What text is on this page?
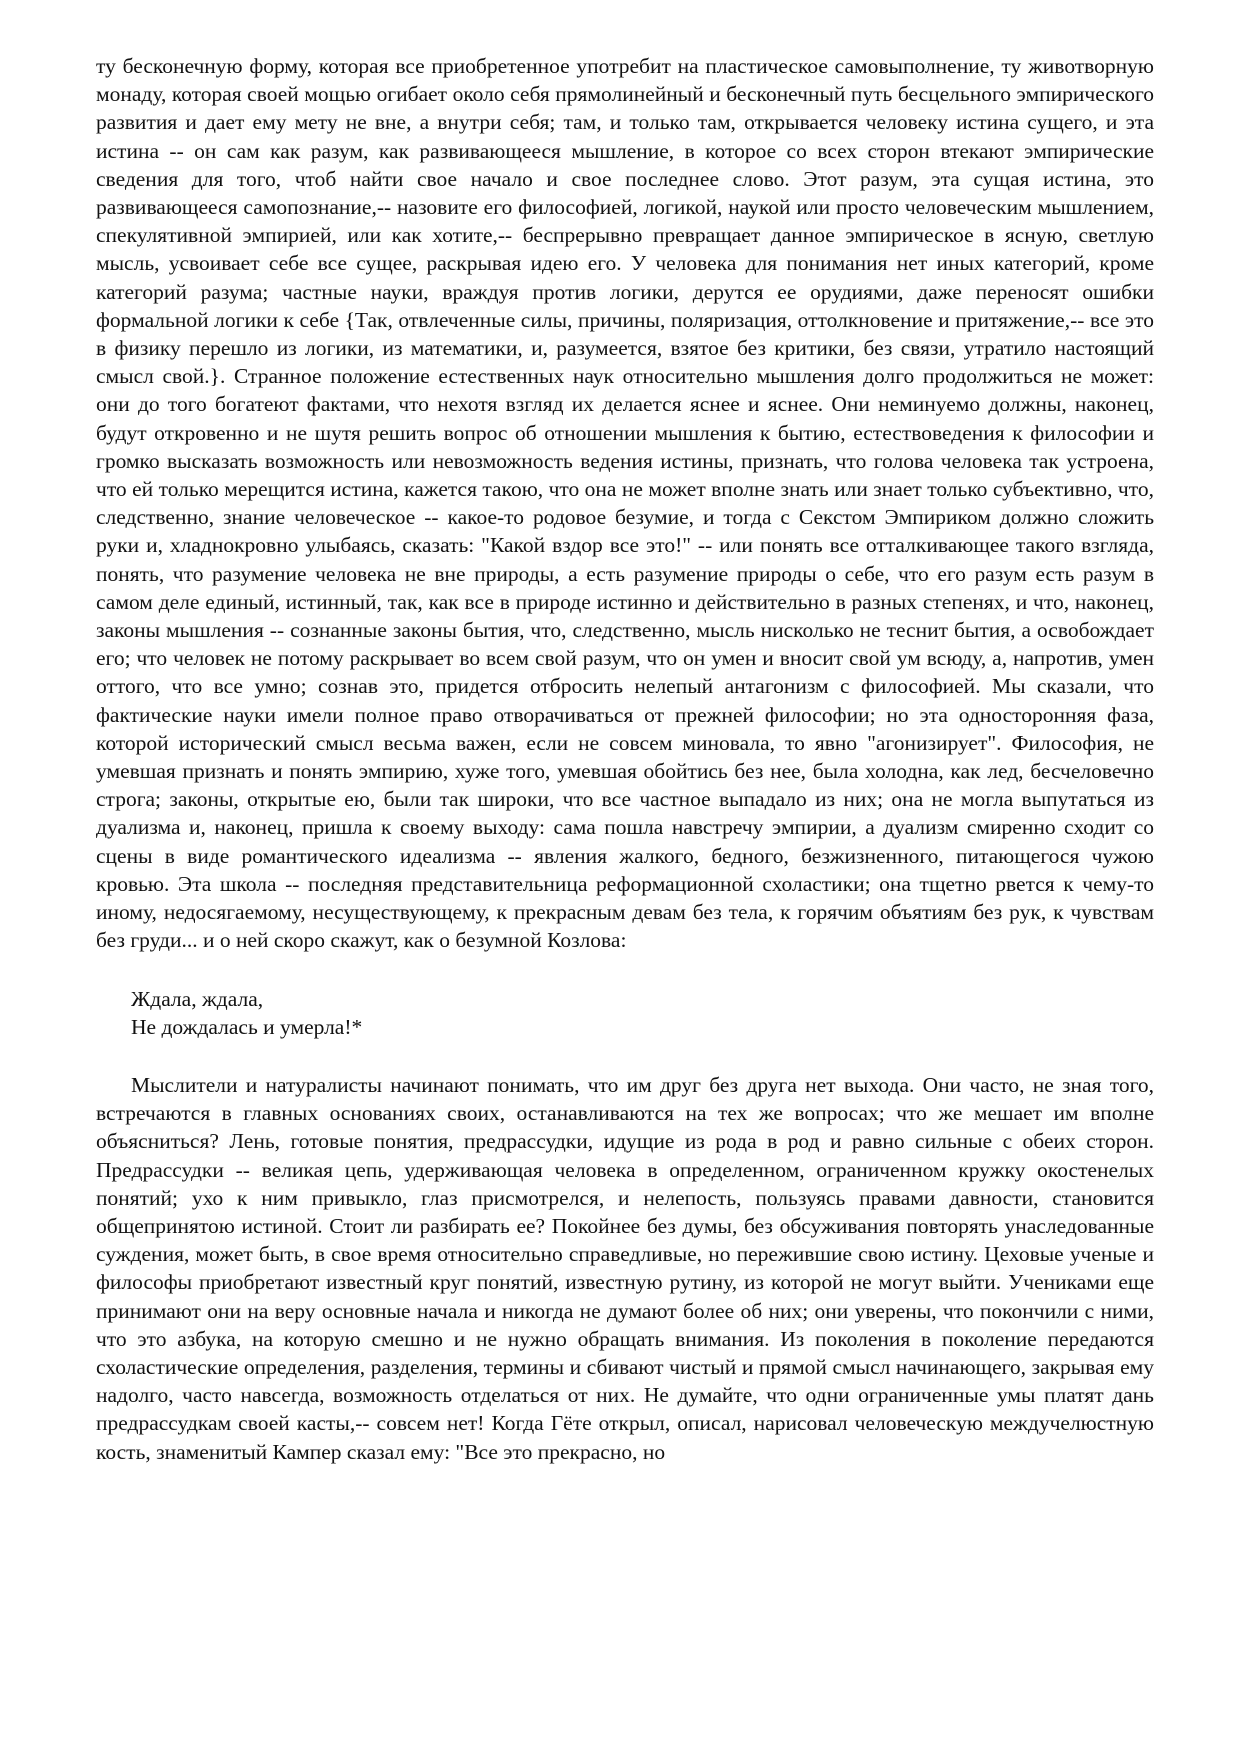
ту бесконечную форму, которая все приобретенное употребит на пластическое самовыполнение, ту животворную монаду, которая своей мощью огибает около себя прямолинейный и бесконечный путь бесцельного эмпирического развития и дает ему мету не вне, а внутри себя; там, и только там, открывается человеку истина сущего, и эта истина -- он сам как разум, как развивающееся мышление, в которое со всех сторон втекают эмпирические сведения для того, чтоб найти свое начало и свое последнее слово. Этот разум, эта сущая истина, это развивающееся самопознание,-- назовите его философией, логикой, наукой или просто человеческим мышлением, спекулятивной эмпирией, или как хотите,-- беспрерывно превращает данное эмпирическое в ясную, светлую мысль, усвоивает себе все сущее, раскрывая идею его. У человека для понимания нет иных категорий, кроме категорий разума; частные науки, враждуя против логики, дерутся ее орудиями, даже переносят ошибки формальной логики к себе {Так, отвлеченные силы, причины, поляризация, оттолкновение и притяжение,-- все это в физику перешло из логики, из математики, и, разумеется, взятое без критики, без связи, утратило настоящий смысл свой.}. Странное положение естественных наук относительно мышления долго продолжиться не может: они до того богатеют фактами, что нехотя взгляд их делается яснее и яснее. Они неминуемо должны, наконец, будут откровенно и не шутя решить вопрос об отношении мышления к бытию, естествоведения к философии и громко высказать возможность или невозможность ведения истины, признать, что голова человека так устроена, что ей только мерещится истина, кажется такою, что она не может вполне знать или знает только субъективно, что, следственно, знание человеческое -- какое-то родовое безумие, и тогда с Секстом Эмпириком должно сложить руки и, хладнокровно улыбаясь, сказать: "Какой вздор все это!" -- или понять все отталкивающее такого взгляда, понять, что разумение человека не вне природы, а есть разумение природы о себе, что его разум есть разум в самом деле единый, истинный, так, как все в природе истинно и действительно в разных степенях, и что, наконец, законы мышления -- сознанные законы бытия, что, следственно, мысль нисколько не теснит бытия, а освобождает его; что человек не потому раскрывает во всем свой разум, что он умен и вносит свой ум всюду, а, напротив, умен оттого, что все умно; сознав это, придется отбросить нелепый антагонизм с философией. Мы сказали, что фактические науки имели полное право отворачиваться от прежней философии; но эта односторонняя фаза, которой исторический смысл весьма важен, если не совсем миновала, то явно "агонизирует". Философия, не умевшая признать и понять эмпирию, хуже того, умевшая обойтись без нее, была холодна, как лед, бесчеловечно строга; законы, открытые ею, были так широки, что все частное выпадало из них; она не могла выпутаться из дуализма и, наконец, пришла к своему выходу: сама пошла навстречу эмпирии, а дуализм смиренно сходит со сцены в виде романтического идеализма -- явления жалкого, бедного, безжизненного, питающегося чужою кровью. Эта школа -- последняя представительница реформационной схоластики; она тщетно рвется к чему-то иному, недосягаемому, несуществующему, к прекрасным девам без тела, к горячим объятиям без рук, к чувствам без груди... и о ней скоро скажут, как о безумной Козлова:

Ждала, ждала,
Не дождалась и умерла!*

Мыслители и натуралисты начинают понимать, что им друг без друга нет выхода. Они часто, не зная того, встречаются в главных основаниях своих, останавливаются на тех же вопросах; что же мешает им вполне объясниться? Лень, готовые понятия, предрассудки, идущие из рода в род и равно сильные с обеих сторон. Предрассудки -- великая цепь, удерживающая человека в определенном, ограниченном кружку окостенелых понятий; ухо к ним привыкло, глаз присмотрелся, и нелепость, пользуясь правами давности, становится общепринятою истиной. Стоит ли разбирать ее? Покойнее без думы, без обсуживания повторять унаследованные суждения, может быть, в свое время относительно справедливые, но пережившие свою истину. Цеховые ученые и философы приобретают известный круг понятий, известную рутину, из которой не могут выйти. Учениками еще принимают они на веру основные начала и никогда не думают более об них; они уверены, что покончили с ними, что это азбука, на которую смешно и не нужно обращать внимания. Из поколения в поколение передаются схоластические определения, разделения, термины и сбивают чистый и прямой смысл начинающего, закрывая ему надолго, часто навсегда, возможность отделаться от них. Не думайте, что одни ограниченные умы платят дань предрассудкам своей касты,-- совсем нет! Когда Гёте открыл, описал, нарисовал человеческую междучелюстную кость, знаменитый Кампер сказал ему: "Все это прекрасно, но
